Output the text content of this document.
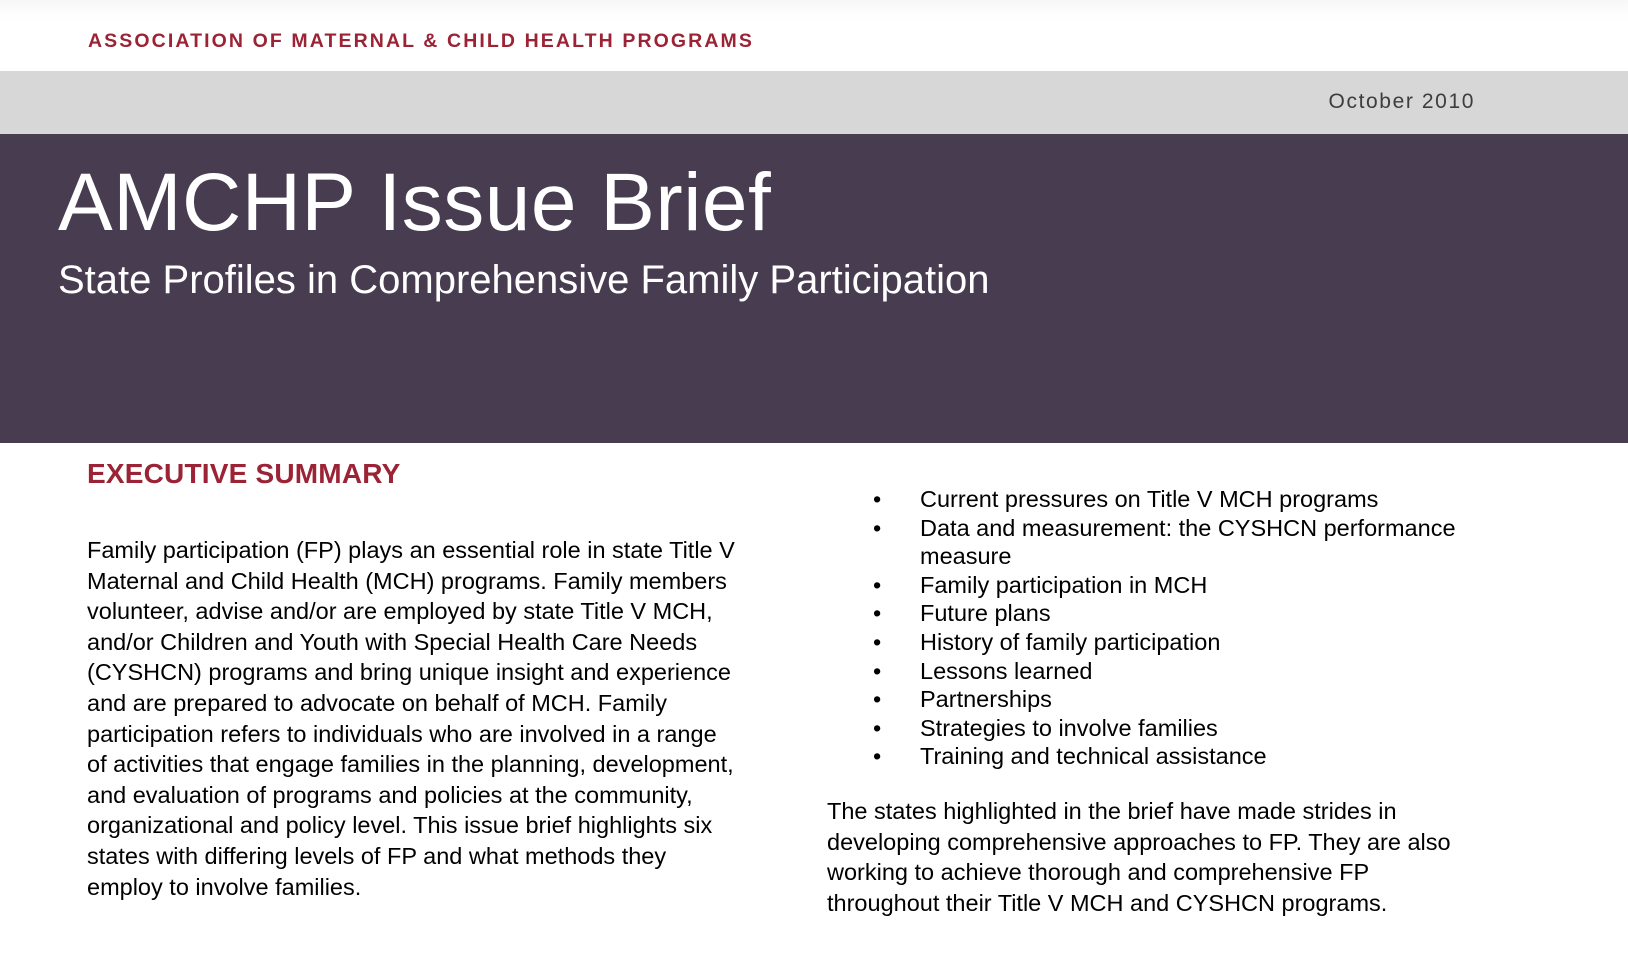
ASSOCIATION OF MATERNAL & CHILD HEALTH PROGRAMS
October 2010
AMCHP Issue Brief
State Profiles in Comprehensive Family Participation
EXECUTIVE SUMMARY

Family participation (FP) plays an essential role in state Title V Maternal and Child Health (MCH) programs. Family members volunteer, advise and/or are employed by state Title V MCH, and/or Children and Youth with Special Health Care Needs (CYSHCN) programs and bring unique insight and experience and are prepared to advocate on behalf of MCH. Family participation refers to individuals who are involved in a range of activities that engage families in the planning, development, and evaluation of programs and policies at the community, organizational and policy level. This issue brief highlights six states with differing levels of FP and what methods they employ to involve families.

• Current pressures on Title V MCH programs
• Data and measurement: the CYSHCN performance measure
• Family participation in MCH
• Future plans
• History of family participation
• Lessons learned
• Partnerships
• Strategies to involve families
• Training and technical assistance

The states highlighted in the brief have made strides in developing comprehensive approaches to FP. They are also working to achieve thorough and comprehensive FP throughout their Title V MCH and CYSHCN programs.
